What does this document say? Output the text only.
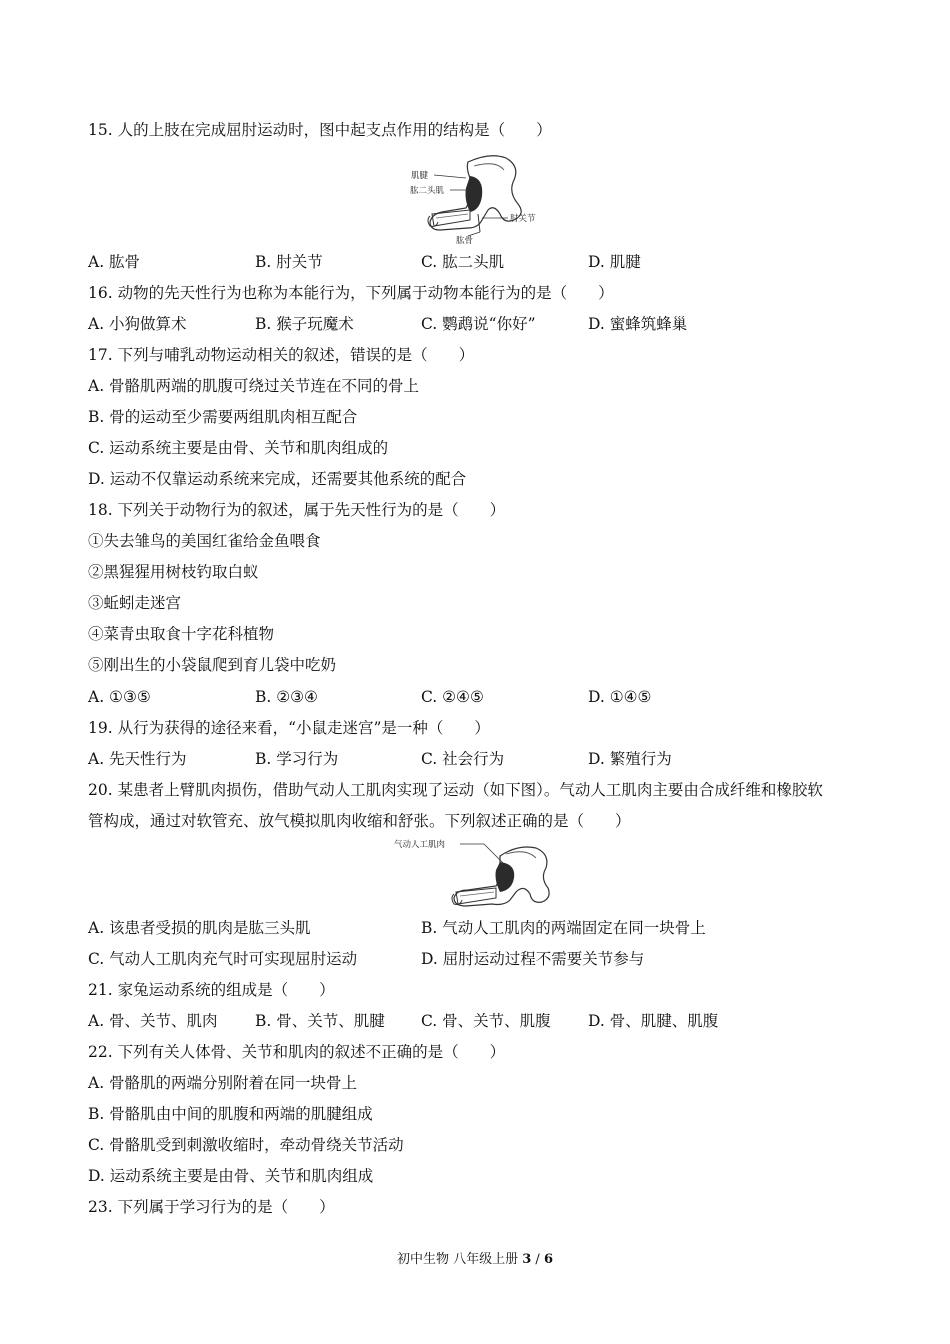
15. 人的上肢在完成屈肘运动时，图中起支点作用的结构是（　　）
肌腱
肱二头肌
肘关节
肱骨
A. 肱骨	B. 肘关节	C. 肱二头肌	D. 肌腱
16. 动物的先天性行为也称为本能行为，下列属于动物本能行为的是（　　）
A. 小狗做算术	B. 猴子玩魔术	C. 鹦鹉说“你好”	D. 蜜蜂筑蜂巢
17. 下列与哺乳动物运动相关的叙述，错误的是（　　）
A. 骨骼肌两端的肌腹可绕过关节连在不同的骨上
B. 骨的运动至少需要两组肌肉相互配合
C. 运动系统主要是由骨、关节和肌肉组成的
D. 运动不仅靠运动系统来完成，还需要其他系统的配合
18. 下列关于动物行为的叙述，属于先天性行为的是（　　）
①失去雏鸟的美国红雀给金鱼喂食
②黑猩猩用树枝钓取白蚁
③蚯蚓走迷宫
④菜青虫取食十字花科植物
⑤刚出生的小袋鼠爬到育儿袋中吃奶
A. ①③⑤	B. ②③④	C. ②④⑤	D. ①④⑤
19. 从行为获得的途径来看，“小鼠走迷宫”是一种（　　）
A. 先天性行为	B. 学习行为	C. 社会行为	D. 繁殖行为
20. 某患者上臂肌肉损伤，借助气动人工肌肉实现了运动（如下图）。气动人工肌肉主要由合成纤维和橡胶软
管构成，通过对软管充、放气模拟肌肉收缩和舒张。下列叙述正确的是（　　）
气动人工肌肉
A. 该患者受损的肌肉是肱三头肌	B. 气动人工肌肉的两端固定在同一块骨上
C. 气动人工肌肉充气时可实现屈肘运动	D. 屈肘运动过程不需要关节参与
21. 家兔运动系统的组成是（　　）
A. 骨、关节、肌肉 B. 骨、关节、肌腱 C. 骨、关节、肌腹 D. 骨、肌腱、肌腹
22. 下列有关人体骨、关节和肌肉的叙述不正确的是（　　）
A. 骨骼肌的两端分别附着在同一块骨上
B. 骨骼肌由中间的肌腹和两端的肌腱组成
C. 骨骼肌受到刺激收缩时，牵动骨绕关节活动
D. 运动系统主要是由骨、关节和肌肉组成
23. 下列属于学习行为的是（　　）
初中生物 八年级上册 3 / 6
